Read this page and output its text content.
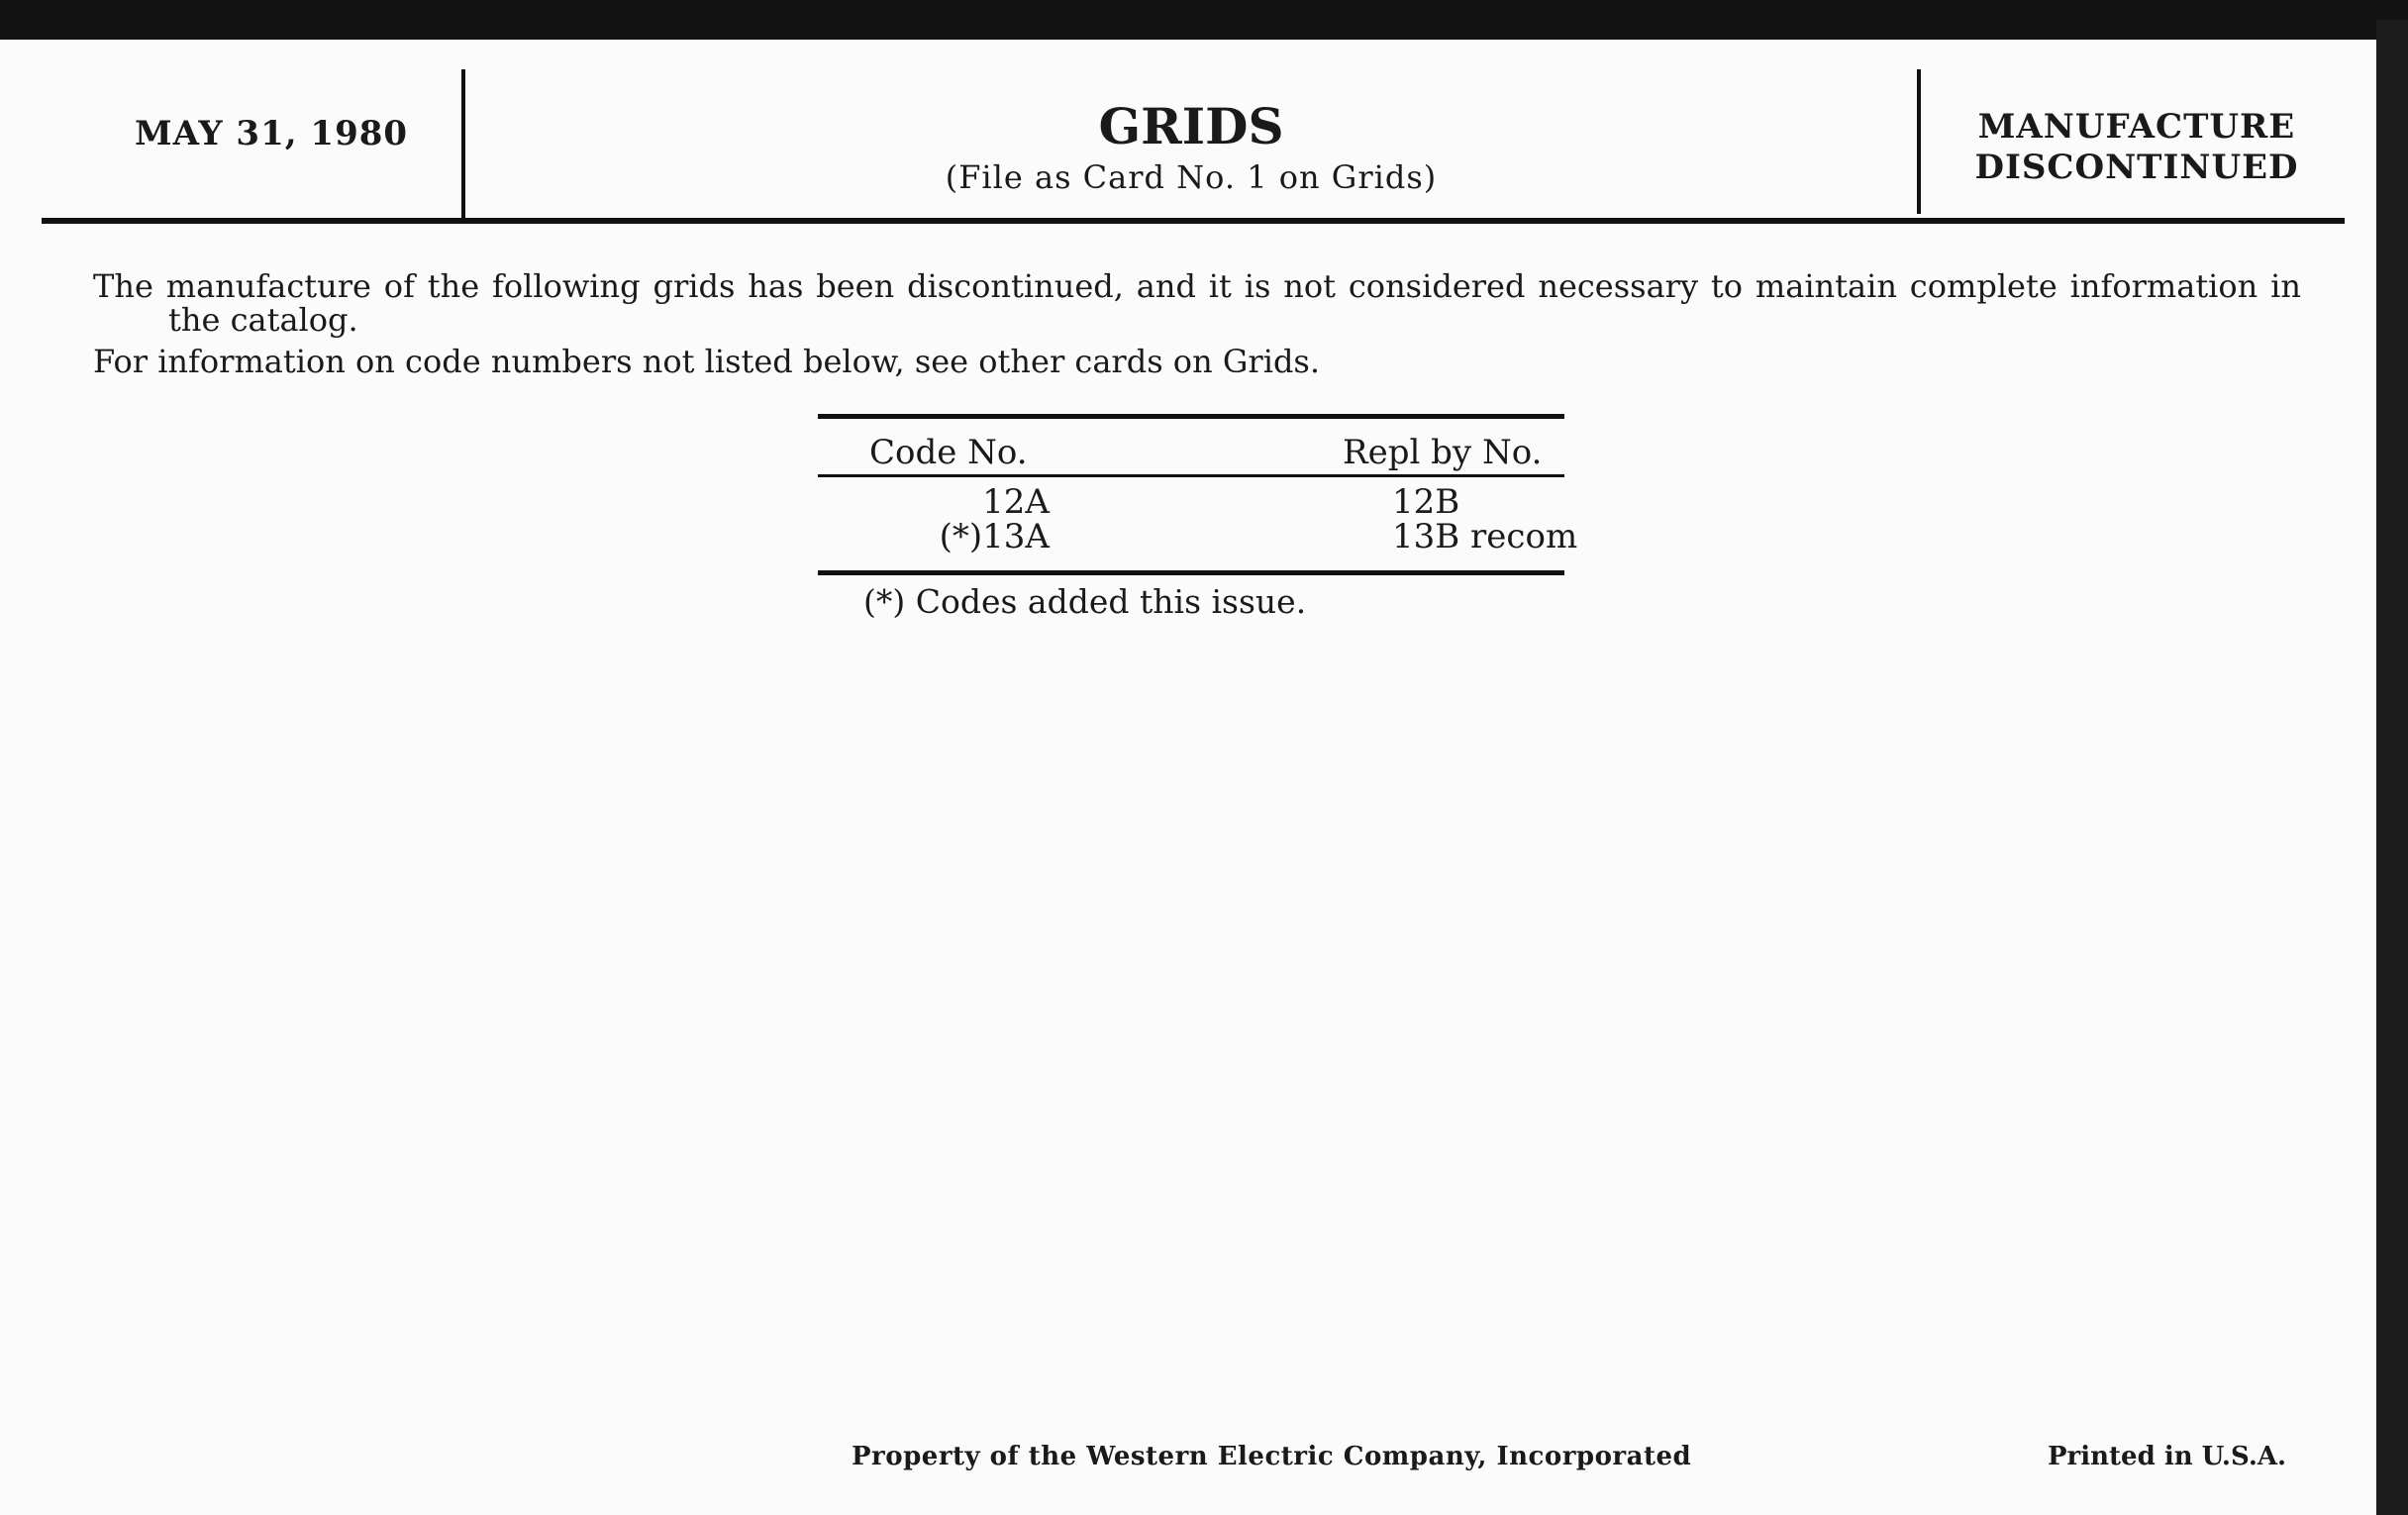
MAY 31, 1980	GRIDS
(File as Card No. 1 on Grids)
MANUFACTURE
DISCONTINUED
The manufacture of the following grids has been discontinued, and it is not considered necessary to maintain complete information in the catalog.
For information on code numbers not listed below, see other cards on Grids.
Code No.	Repl by No.
12A	12B
(*)13A	13B recom
(*) Codes added this issue.
Property of the Western Electric Company, Incorporated	Printed in U.S.A.
